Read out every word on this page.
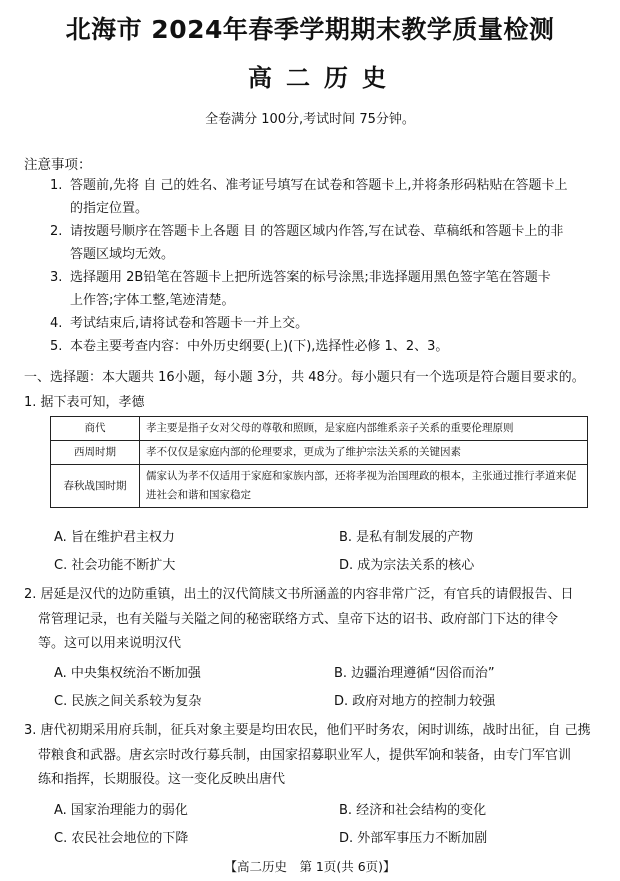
北海市 2024年春季学期期末教学质量检测
高二历史
全卷满分 100分,考试时间 75分钟。
注意事项：
1. 答题前,先将 自 己的姓名、准考证号填写在试卷和答题卡上,并将条形码粘贴在答题卡上
的指定位置。
2. 请按题号顺序在答题卡上各题 目 的答题区域内作答,写在试卷、草稿纸和答题卡上的非
答题区域均无效。
3. 选择题用 2B铅笔在答题卡上把所选答案的标号涂黑;非选择题用黑色签字笔在答题卡
上作答;字体工整,笔迹清楚。
4. 考试结束后,请将试卷和答题卡一并上交。
5. 本卷主要考查内容：中外历史纲要(上)(下),选择性必修 1、2、3。
一、选择题：本大题共 16小题，每小题 3分，共 48分。每小题只有一个选项是符合题目要求的。
1. 据下表可知，孝德
商代	孝主要是指子女对父母的尊敬和照顾，是家庭内部维系亲子关系的重要伦理原则
西周时期	孝不仅仅是家庭内部的伦理要求，更成为了维护宗法关系的关键因素
春秋战国时期	儒家认为孝不仅适用于家庭和家族内部，还将孝视为治国理政的根本，主张通过推行孝道来促进社会和谐和国家稳定
A. 旨在维护君主权力	B. 是私有制发展的产物
C. 社会功能不断扩大	D. 成为宗法关系的核心
2. 居延是汉代的边防重镇，出土的汉代简牍文书所涵盖的内容非常广泛，有官兵的请假报告、日
常管理记录，也有关隘与关隘之间的秘密联络方式、皇帝下达的诏书、政府部门下达的律令
等。这可以用来说明汉代
A. 中央集权统治不断加强	B. 边疆治理遵循“因俗而治”
C. 民族之间关系较为复杂	D. 政府对地方的控制力较强
3. 唐代初期采用府兵制，征兵对象主要是均田农民，他们平时务农，闲时训练，战时出征，自 己携
带粮食和武器。唐玄宗时改行募兵制，由国家招募职业军人，提供军饷和装备，由专门军官训
练和指挥，长期服役。这一变化反映出唐代
A. 国家治理能力的弱化	B. 经济和社会结构的变化
C. 农民社会地位的下降	D. 外部军事压力不断加剧
【高二历史　第 1页(共 6页)】
